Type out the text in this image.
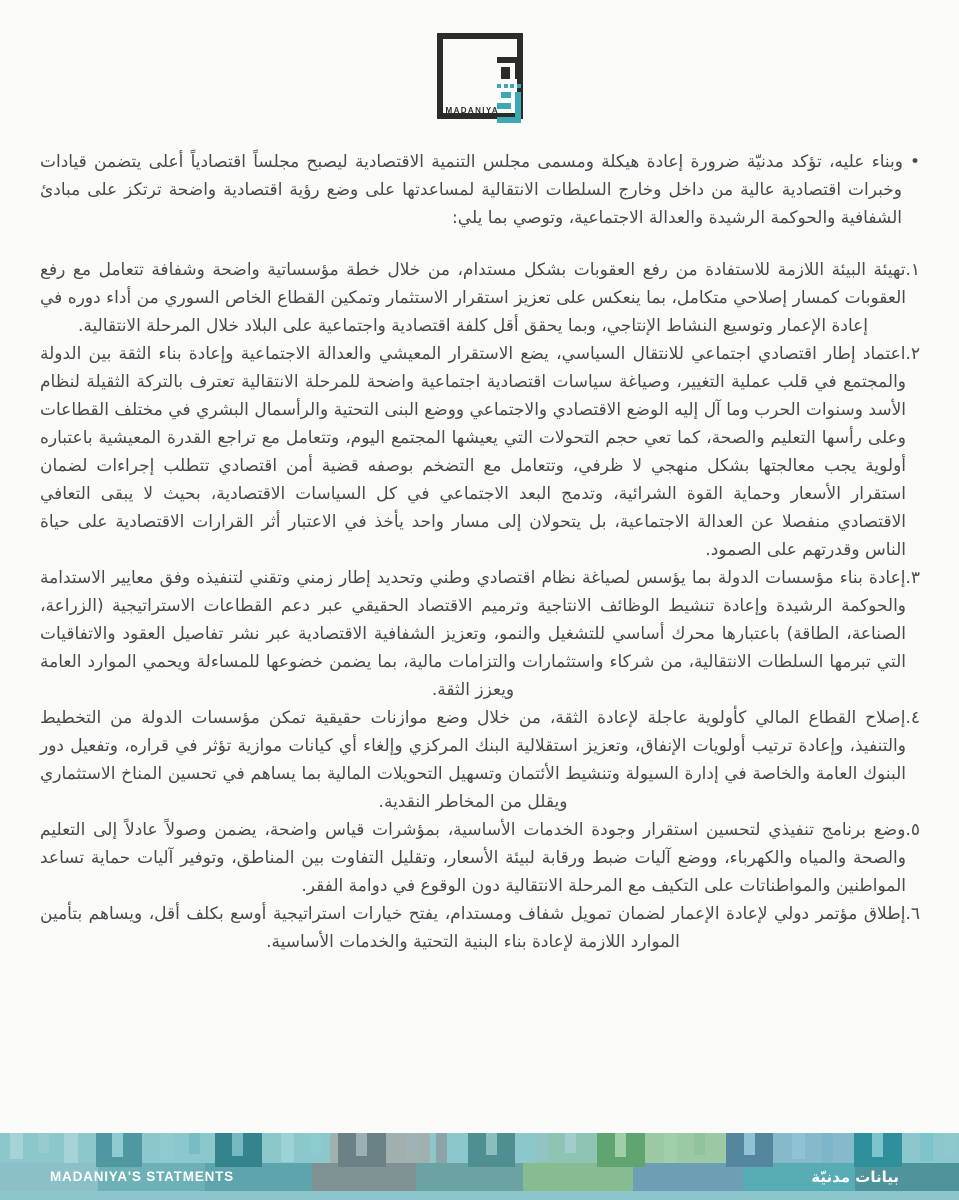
MADANIYA

•وبناء عليه، تؤكد مدنيّة ضرورة إعادة هيكلة ومسمى مجلس التنمية الاقتصادية ليصبح مجلساً اقتصادياً أعلى يتضمن قيادات وخبرات اقتصادية عالية من داخل وخارج السلطات الانتقالية لمساعدتها على وضع رؤية اقتصادية واضحة ترتكز على مبادئ الشفافية والحوكمة الرشيدة والعدالة الاجتماعية، وتوصي بما يلي:

١.تهيئة البيئة اللازمة للاستفادة من رفع العقوبات بشكل مستدام، من خلال خطة مؤسساتية واضحة وشفافة تتعامل مع رفع العقوبات كمسار إصلاحي متكامل، بما ينعكس على تعزيز استقرار الاستثمار وتمكين القطاع الخاص السوري من أداء دوره في إعادة الإعمار وتوسيع النشاط الإنتاجي، وبما يحقق أقل كلفة اقتصادية واجتماعية على البلاد خلال المرحلة الانتقالية.

٢.اعتماد إطار اقتصادي اجتماعي للانتقال السياسي، يضع الاستقرار المعيشي والعدالة الاجتماعية وإعادة بناء الثقة بين الدولة والمجتمع في قلب عملية التغيير، وصياغة سياسات اقتصادية اجتماعية واضحة للمرحلة الانتقالية تعترف بالتركة الثقيلة لنظام الأسد وسنوات الحرب وما آل إليه الوضع الاقتصادي والاجتماعي ووضع البنى التحتية والرأسمال البشري في مختلف القطاعات وعلى رأسها التعليم والصحة، كما تعي حجم التحولات التي يعيشها المجتمع اليوم، وتتعامل مع تراجع القدرة المعيشية باعتباره أولوية يجب معالجتها بشكل منهجي لا ظرفي، وتتعامل مع التضخم بوصفه قضية أمن اقتصادي تتطلب إجراءات لضمان استقرار الأسعار وحماية القوة الشرائية، وتدمج البعد الاجتماعي في كل السياسات الاقتصادية، بحيث لا يبقى التعافي الاقتصادي منفصلا عن العدالة الاجتماعية، بل يتحولان إلى مسار واحد يأخذ في الاعتبار أثر القرارات الاقتصادية على حياة الناس وقدرتهم على الصمود.

٣.إعادة بناء مؤسسات الدولة بما يؤسس لصياغة نظام اقتصادي وطني وتحديد إطار زمني وتقني لتنفيذه وفق معايير الاستدامة والحوكمة الرشيدة وإعادة تنشيط الوظائف الانتاجية وترميم الاقتصاد الحقيقي عبر دعم القطاعات الاستراتيجية (الزراعة، الصناعة، الطاقة) باعتبارها محرك أساسي للتشغيل والنمو، وتعزيز الشفافية الاقتصادية عبر نشر تفاصيل العقود والاتفاقيات التي تبرمها السلطات الانتقالية، من شركاء واستثمارات والتزامات مالية، بما يضمن خضوعها للمساءلة ويحمي الموارد العامة ويعزز الثقة.

٤.إصلاح القطاع المالي كأولوية عاجلة لإعادة الثقة، من خلال وضع موازنات حقيقية تمكن مؤسسات الدولة من التخطيط والتنفيذ، وإعادة ترتيب أولويات الإنفاق، وتعزيز استقلالية البنك المركزي وإلغاء أي كيانات موازية تؤثر في قراره، وتفعيل دور البنوك العامة والخاصة في إدارة السيولة وتنشيط الأئتمان وتسهيل التحويلات المالية بما يساهم في تحسين المناخ الاستثماري ويقلل من المخاطر النقدية.

٥.وضع برنامج تنفيذي لتحسين استقرار وجودة الخدمات الأساسية، بمؤشرات قياس واضحة، يضمن وصولاً عادلاً إلى التعليم والصحة والمياه والكهرباء، ووضع آليات ضبط ورقابة لبيئة الأسعار، وتقليل التفاوت بين المناطق، وتوفير آليات حماية تساعد المواطنين والمواطناتات على التكيف مع المرحلة الانتقالية دون الوقوع في دوامة الفقر.

٦.إطلاق مؤتمر دولي لإعادة الإعمار لضمان تمويل شفاف ومستدام، يفتح خيارات استراتيجية أوسع بكلف أقل، ويساهم بتأمين الموارد اللازمة لإعادة بناء البنية التحتية والخدمات الأساسية.

MADANIYA'S STATMENTS	بيانات مدنيّة
